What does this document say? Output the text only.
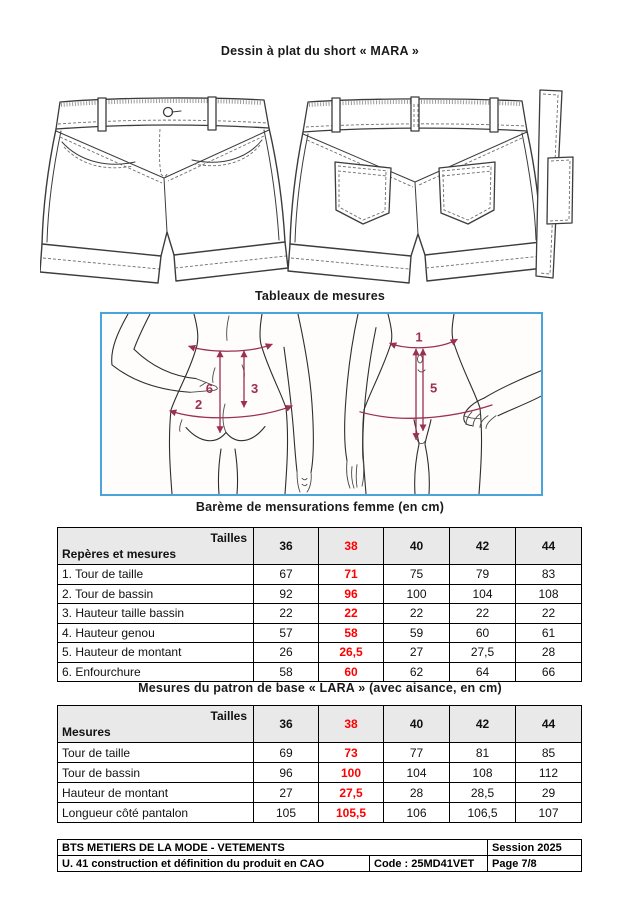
Dessin à plat du short « MARA »
Tableaux de mesures
6	3
2
1
5
Barème de mensurations femme (en cm)
Tailles
Repères et mesures	36	38	40	42	44
1. Tour de taille	67	71	75	79	83
2. Tour de bassin	92	96	100	104	108
3. Hauteur taille bassin	22	22	22	22	22
4. Hauteur genou	57	58	59	60	61
5. Hauteur de montant	26	26,5	27	27,5	28
6. Enfourchure	58	60	62	64	66
Mesures du patron de base « LARA » (avec aisance, en cm)
Tailles
Mesures	36	38	40	42	44
Tour de taille	69	73	77	81	85
Tour de bassin	96	100	104	108	112
Hauteur de montant	27	27,5	28	28,5	29
Longueur côté pantalon	105	105,5	106	106,5	107
BTS METIERS DE LA MODE - VETEMENTS		Session 2025
U. 41 construction et définition du produit en CAO	Code : 25MD41VET	Page 7/8
